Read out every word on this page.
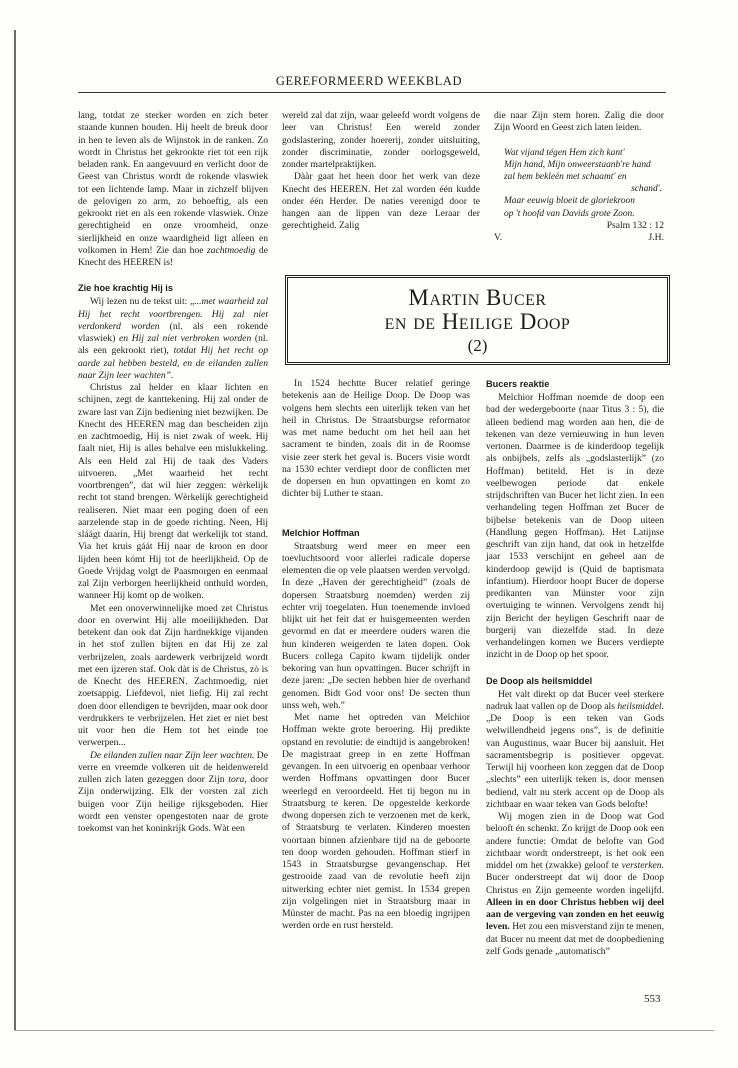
GEREFORMEERD WEEKBLAD

lang, totdat ze sterker worden en zich beter staande kunnen houden. Hij heelt de breuk door in hen te leven als de Wijnstok in de ranken. Zo wordt in Christus het gekrookte riet tot een rijk beladen rank. En aangevuurd en verlicht door de Geest van Christus wordt de rokende vlaswiek tot een lichtende lamp. Maar in zichzelf blijven de gelovigen zo arm, zo behoeftig, als een gekrookt riet en als een rokende vlaswiek. Onze gerechtigheid en onze vroomheid, onze sierlijkheid en onze waardigheid ligt alleen en volkomen in Hem! Zie dan hoe zachtmoedig de Knecht des HEEREN is!

Zie hoe krachtig Hij is

Wij lezen nu de tekst uit: „...met waarheid zal Hij het recht voortbrengen. Hij zal niet verdonkerd worden (nl. als een rokende vlaswiek) en Hij zal niet verbroken worden (nl. als een gekrookt riet), totdat Hij het recht op aarde zal hebben besteld, en de eilanden zullen naar Zijn leer wachten”.

Christus zal helder en klaar lichten en schijnen, zegt de kanttekening. Hij zal onder de zware last van Zijn bediening niet bezwijken. De Knecht des HEEREN mag dan bescheiden zijn en zachtmoedig, Hij is niet zwak of week. Hij faalt niet, Hij is alles behalve een mislukkeling. Als een Held zal Hij de taak des Vaders uitvoeren. „Met waarheid het recht voortbrengen”, dat wil hier zeggen: wèrkelijk recht tot stand brengen. Wèrkelijk gerechtigheid realiseren. Niet maar een poging doen of een aarzelende stap in de goede richting. Neen, Hij sláágt daarin, Hij brengt dat werkelijk tot stand. Via het kruis gáát Hij naar de kroon en door lijden heen kómt Hij tot de heerlijkheid. Op de Goede Vrijdag volgt de Paasmorgen en eenmaal zal Zijn verborgen heerlijkheid onthuld worden, wanneer Hij komt op de wolken.

Met een onoverwinnelijke moed zet Christus door en overwint Hij alle moeilijkheden. Dat betekent dan ook dat Zijn hardnekkige vijanden in het stof zullen bijten en dat Hij ze zal verbrijzelen, zoals aardewerk verbrijzeld wordt met een ijzeren staf. Ook dàt is de Christus, zò is de Knecht des HEEREN. Zachtmoedig, niet zoetsappig. Liefdevol, niet liefig. Hij zal recht doen door ellendigen te bevrijden, maar ook door verdrukkers te verbrijzelen. Het ziet er niet best uit voor hen die Hem tot het einde toe verwerpen...

De eilanden zullen naar Zijn leer wachten. De verre en vreemde volkeren uit de heidenwereld zullen zich laten gezeggen door Zijn tora, door Zijn onderwijzing. Elk der vorsten zal zich buigen voor Zijn heilige rijksgeboden. Hier wordt een venster opengestoten naar de grote toekomst van het koninkrijk Gods. Wàt een

wereld zal dat zijn, waar geleefd wordt volgens de leer van Christus! Een wereld zonder godslastering, zonder hoererij, zonder uitsluiting, zonder discriminatie, zonder oorlogsgeweld, zonder martelpraktijken.

Dààr gaat het heen door het werk van deze Knecht des HEEREN. Het zal worden één kudde onder één Herder. De naties verenigd door te hangen aan de lippen van deze Leraar der gerechtigheid. Zalig

die naar Zijn stem horen. Zalig die door Zijn Woord en Geest zich laten leiden.

Wat vijand tégen Hem zich kant'
Mijn hand, Mijn onweerstaanb're hand
zal hem bekleën met schaamt' en
schand'.
Maar eeuwig bloeit de gloriekroon
op 't hoofd van Davids grote Zoon.
Psalm 132 : 12
V.	J.H.
Martin Bucer
en de Heilige Doop
(2)

In 1524 hechtte Bucer relatief geringe betekenis aan de Heilige Doop. De Doop was volgens hem slechts een uiterlijk teken van het heil in Christus. De Straatsburgse reformator was met name beducht om het heil aan het sacrament te binden, zoals dit in de Roomse visie zeer sterk het geval is. Bucers visie wordt na 1530 echter verdiept door de conflicten met de dopersen en hun opvattingen en komt zo dichter bij Luther te staan.

Melchior Hoffman

Straatsburg werd meer en meer een toevluchtsoord voor allerlei radicale doperse elementen die op vele plaatsen werden vervolgd. In deze „Haven der gerechtigheid” (zoals de dopersen Straatsburg noemden) werden zij echter vrij toegelaten. Hun toenemende invloed blijkt uit het feit dat er huisgemeenten werden gevormd en dat er meerdere ouders waren die hun kinderen weigerden te laten dopen. Ook Bucers collega Capito kwam tijdelijk onder bekoring van hun opvattingen. Bucer schrijft in deze jaren: „De secten hebben hier de overhand genomen. Bidt God voor ons! De secten thun unss weh, weh.”

Met name het optreden van Melchior Hoffman wekte grote beroering. Hij predikte opstand en revolutie: de eindtijd is aangebroken! De magistraat greep in en zette Hoffman gevangen. In een uitvoerig en openbaar verhoor werden Hoffmans opvattingen door Bucer weerlegd en veroordeeld. Het tij begon nu in Straatsburg te keren. De opgestelde kerkorde dwong dopersen zich te verzoenen met de kerk, of Straatsburg te verlaten. Kinderen moesten voortaan binnen afzienbare tijd na de geboorte ten doop worden gehouden. Hoffman stierf in 1543 in Straatsburgse gevangenschap. Het gestrooide zaad van de revolutie heeft zijn uitwerking echter niet gemist. In 1534 grepen zijn volgelingen niet in Straatsburg maar in Münster de macht. Pas na een bloedig ingrijpen werden orde en rust hersteld.

Bucers reaktie

Melchior Hoffman noemde de doop een bad der wedergeboorte (naar Titus 3 : 5), die alleen bediend mag worden aan hen, die de tekenen van deze vernieuwing in hun leven vertonen. Daarmee is de kinderdoop tegelijk als onbijbels, zelfs als „godslasterlijk” (zo Hoffman) betiteld. Het is in deze veelbewogen periode dat enkele strijdschriften van Bucer het licht zien. In een verhandeling tegen Hoffman zet Bucer de bijbelse betekenis van de Doop uiteen (Handlung gegen Hoffman). Het Latijnse geschrift van zijn hand, dat ook in hetzelfde jaar 1533 verschijnt en geheel aan de kinderdoop gewijd is (Quid de baptismata infantium). Hierdoor hoopt Bucer de doperse predikanten van Münster voor zijn overtuiging te winnen. Vervolgens zendt hij zijn Bericht der heyligen Geschrift naar de burgerij van diezelfde stad. In deze verhandelingen komen we Bucers verdiepte inzicht in de Doop op het spoor.

De Doop als heilsmiddel

Het valt direkt op dat Bucer veel sterkere nadruk laat vallen op de Doop als heilsmiddel. „De Doop is een teken van Gods welwillendheid jegens ons”, is de definitie van Augustinus, waar Bucer bij aansluit. Het sacramentsbegrip is positiever opgevat. Terwijl hij voorheen kon zeggen dat de Doop „slechts” een uiterlijk teken is, door mensen bediend, valt nu sterk accent op de Doop als zichtbaar en waar teken van Gods belofte!

Wij mogen zien in de Doop wat God belooft én schenkt. Zo krijgt de Doop ook een andere functie: Omdat de belofte van God zichtbaar wordt onderstreept, is het ook een middel om het (zwakke) geloof te versterken. Bucer onderstreept dat wij door de Doop Christus en Zijn gemeente worden ingelijfd. Alleen in en door Christus hebben wij deel aan de vergeving van zonden en het eeuwig leven. Het zou een misverstand zijn te menen, dat Bucer nu meent dat met de doopbediening zelf Gods genade „automatisch”

553
